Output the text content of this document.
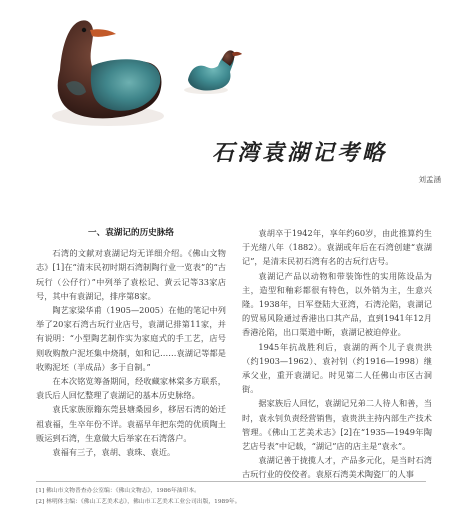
石湾袁湖记考略
刘孟涵

一、袁湖记的历史脉络

石湾的文献对袁湖记均无详细介绍。《佛山文物志》[1]在“清末民初时期石湾制陶行业一览表”的“古玩行（公仔行）”中列举了袁松记、黄云记等33家店号，其中有袁湖记，排序第8家。

陶艺家梁华甫（1905—2005）在他的笔记中列举了20家石湾古玩行业店号，袁湖记排第11家，并有说明：“小型陶艺制作实为家庭式的手工艺，店号则收购散户泥坯集中烧制，如和记……袁湖记等都是收购泥坯（半成品）多于自制。”

在本次铭览筹备期间，经收藏家林棠多方联系，袁氏后人回忆整理了袁湖记的基本历史脉络。

袁氏家族原籍东莞县塘桑园乡，移居石湾的始迁祖袁福，生卒年份不详。袁福早年把东莞的优质陶土贩运到石湾，生意做大后举家在石湾落户。

袁福有三子，袁胡、袁珠、袁近。

袁胡卒于1942年，享年约60岁，由此推算约生于光绪八年（1882）。袁湖或年后在石湾创建“袁湖记”，是清末民初石湾有名的古玩行店号。

袁湖记产品以动物和带装饰性的实用陈设品为主，造型和釉彩都很有特色，以外销为主，生意兴隆。1938年，日军登陆大亚湾，石湾沦陷，袁湖记的贸易风险通过香港出口其产品，直到1941年12月香港沦陷，出口渠道中断，袁湖记被迫停业。

1945年抗战胜利后，袁湖的两个儿子袁贵洪（约1903—1962）、袁衬钊（约1916—1998）继承父业，重开袁湖记。时见第二人任佛山市区古洞街。

据家族后人回忆，袁湖记兄弟二人待人和善，当时，袁永钊负责经营销售，袁贵洪主持内部生产技术管理。《佛山工艺美术志》[2]在“1935—1949年陶艺店号表”中记载，“湖记”店的店主是“袁永”。

袁湖记善于拢揽人才，产品多元化，是当时石湾古玩行业的佼佼者。袁原石湾美术陶瓷厂的人事

[1] 佛山市文物普查办公室编：《佛山文物志》，1986年油印本。
[2] 林明体主编：《佛山工艺美术志》，佛山市工艺美术工业公司出版，1989年。
